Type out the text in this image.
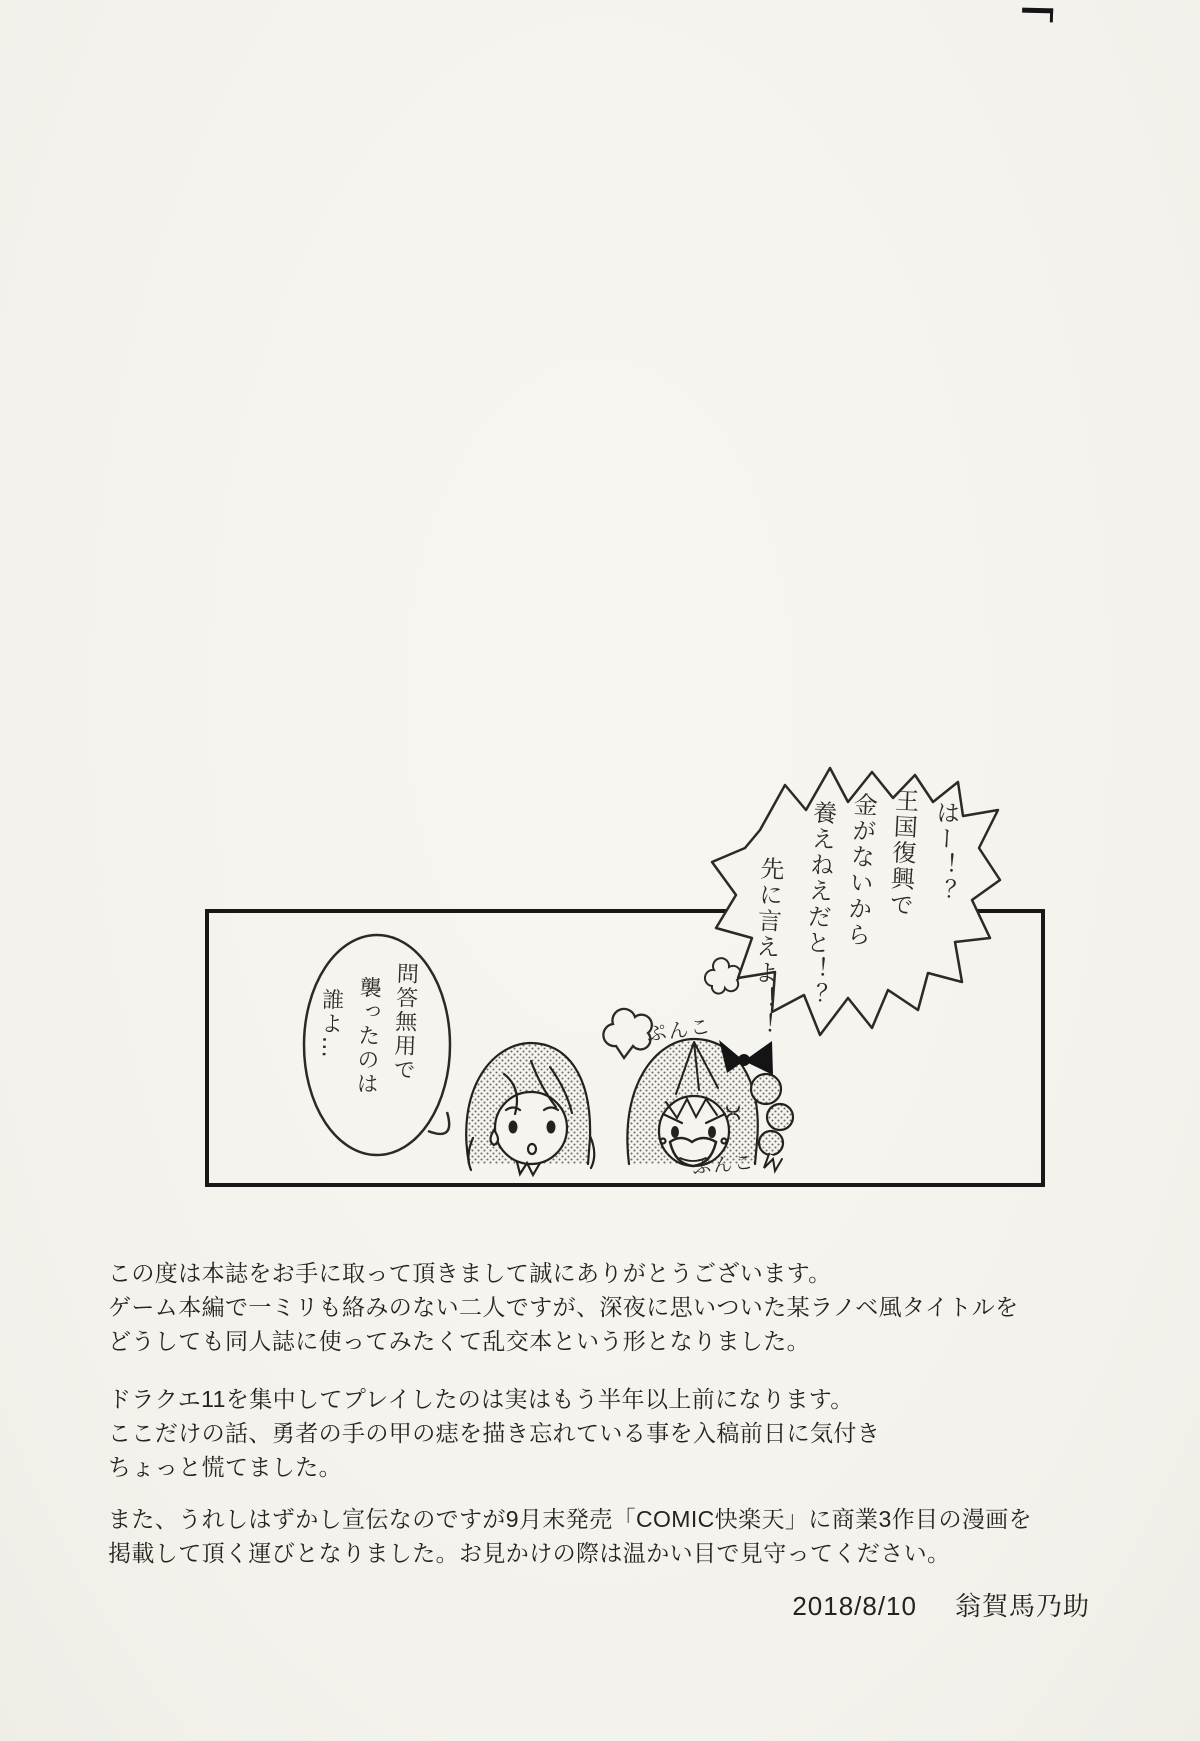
はー！？
王国復興で
金がないから
養えねえだと！？
先に言えよ！！
問答無用で
襲ったのは
誰よ…	ぷんこ
ぷんこ

この度は本誌をお手に取って頂きまして誠にありがとうございます。
ゲーム本編で一ミリも絡みのない二人ですが、深夜に思いついた某ラノベ風タイトルを
どうしても同人誌に使ってみたくて乱交本という形となりました。

ドラクエ11を集中してプレイしたのは実はもう半年以上前になります。
ここだけの話、勇者の手の甲の痣を描き忘れている事を入稿前日に気付き
ちょっと慌てました。

また、うれしはずかし宣伝なのですが9月末発売「COMIC快楽天」に商業3作目の漫画を
掲載して頂く運びとなりました。お見かけの際は温かい目で見守ってください。

2018/8/10 翁賀馬乃助
